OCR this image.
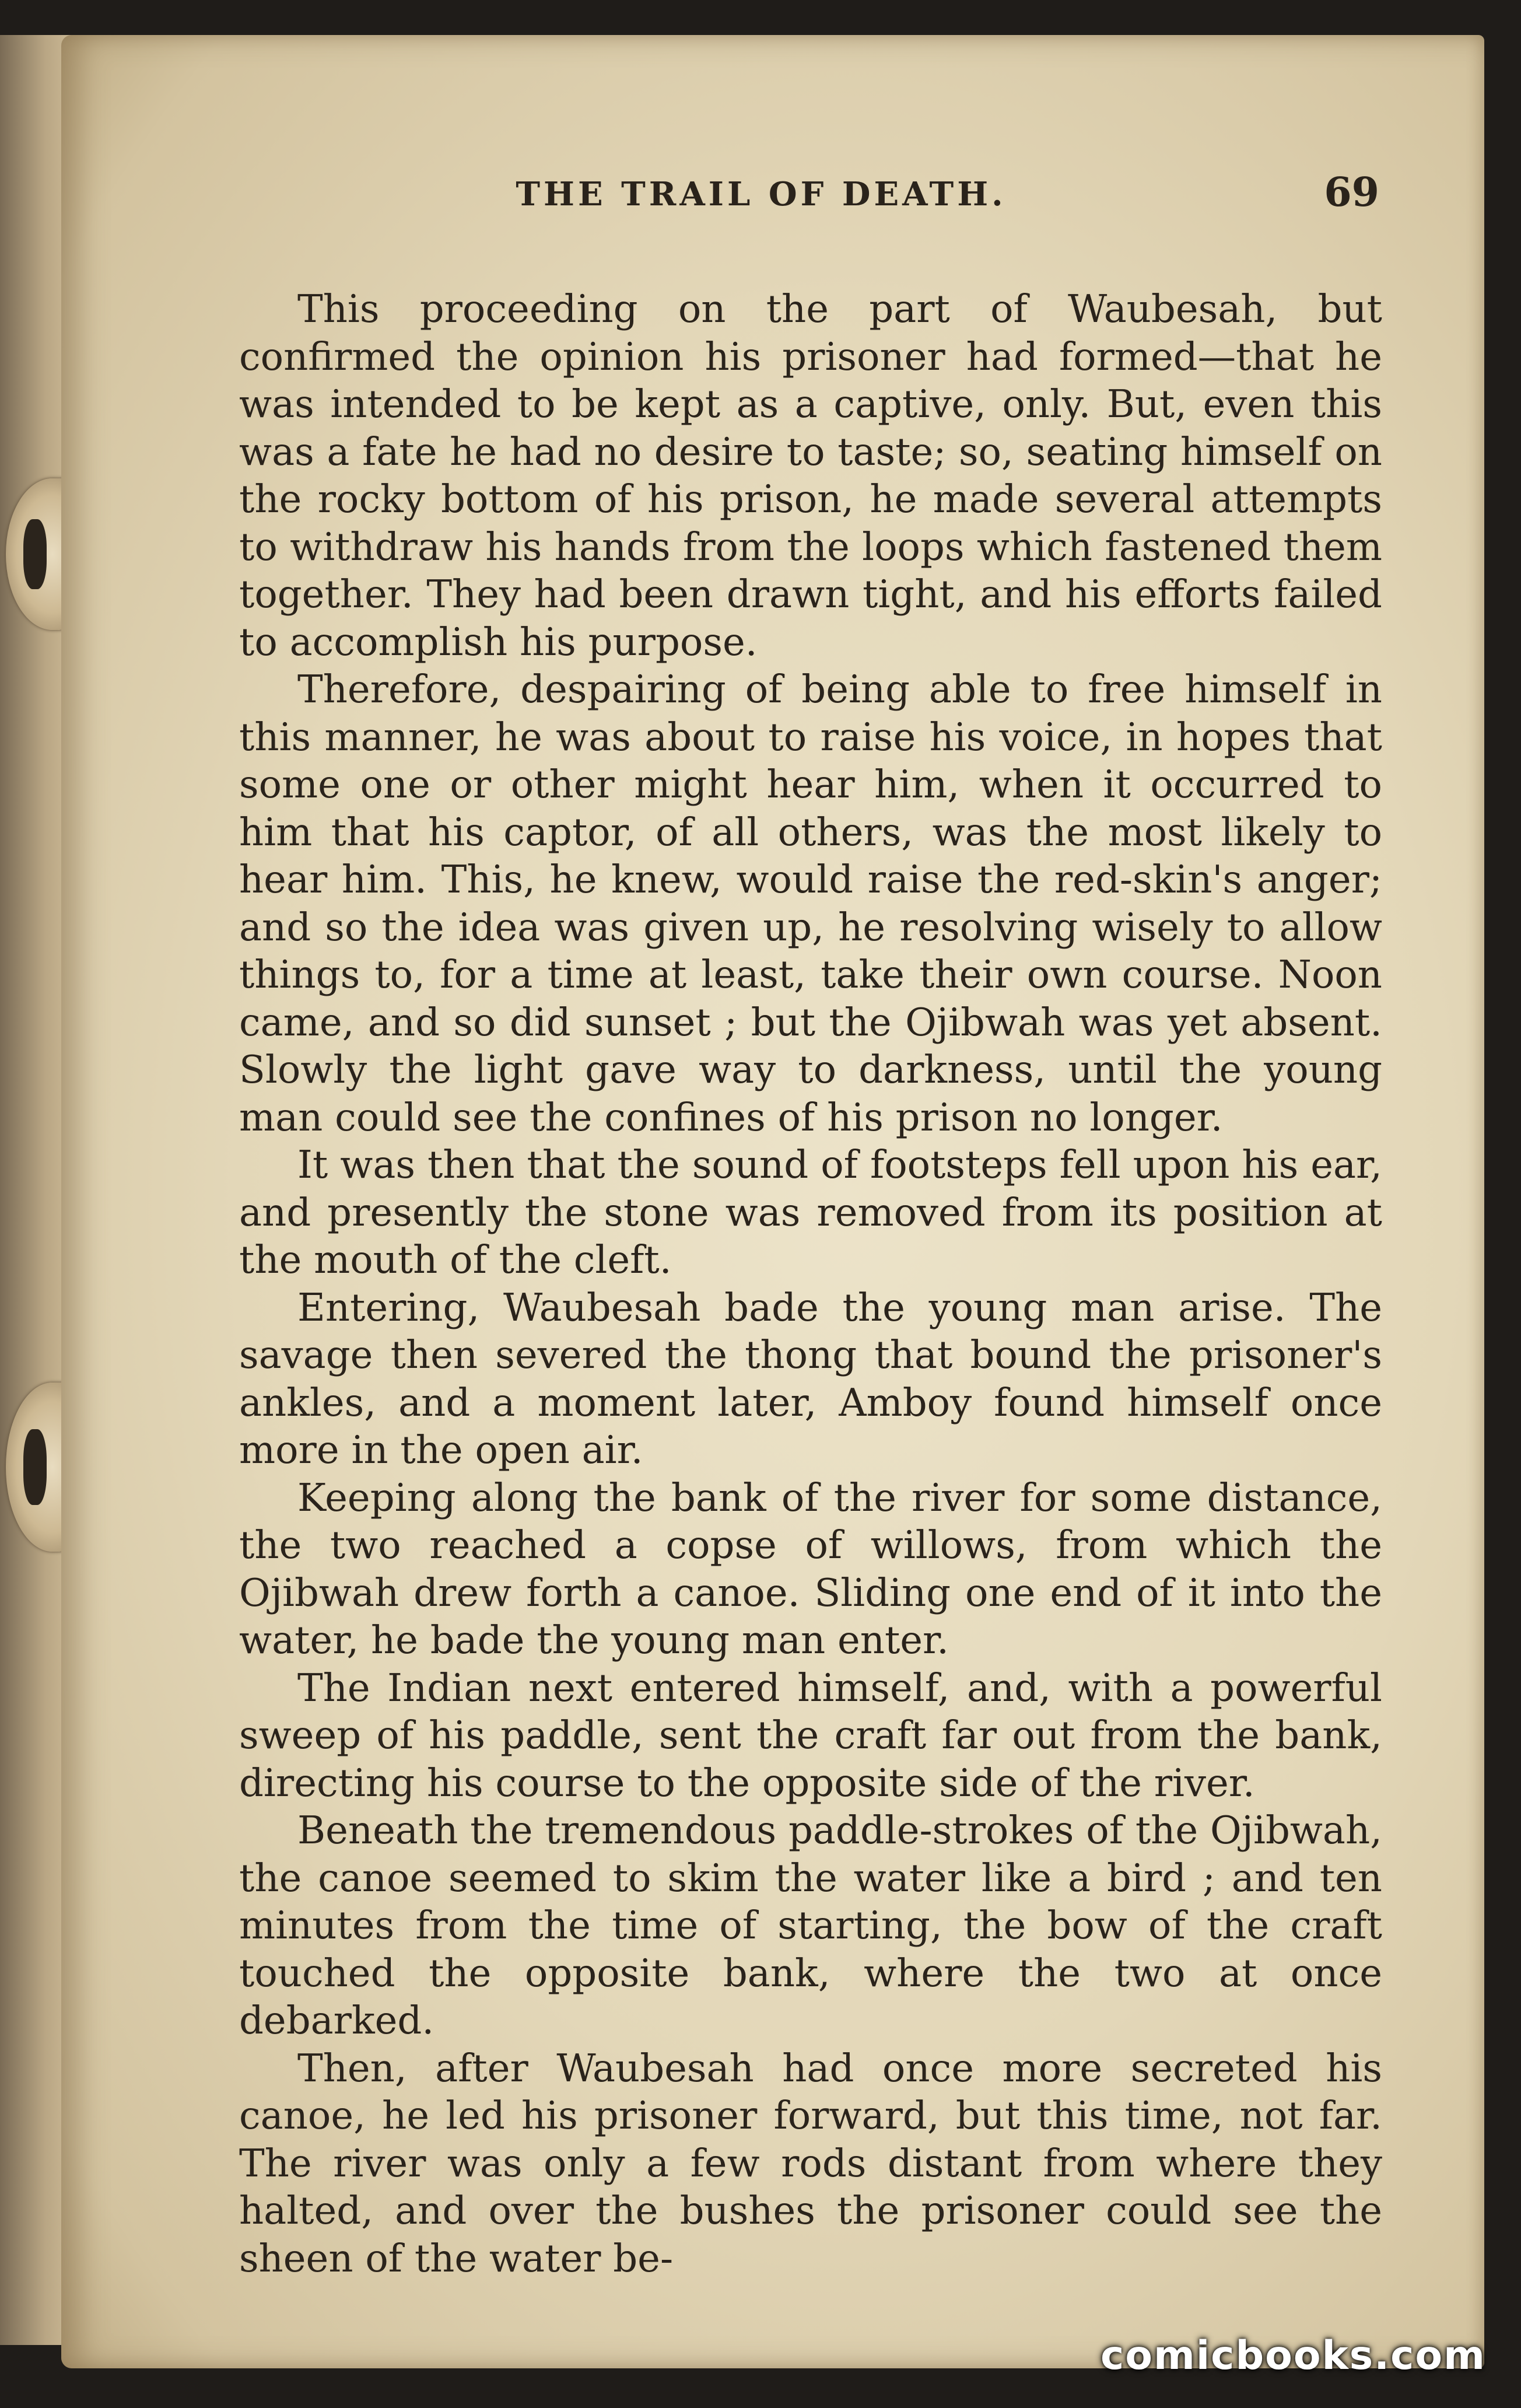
THE TRAIL OF DEATH.	69

This proceeding on the part of Waubesah, but confirmed the opinion his prisoner had formed—that he was intended to be kept as a captive, only. But, even this was a fate he had no desire to taste; so, seating himself on the rocky bottom of his prison, he made several attempts to withdraw his hands from the loops which fastened them together. They had been drawn tight, and his efforts failed to accomplish his purpose.

Therefore, despairing of being able to free himself in this manner, he was about to raise his voice, in hopes that some one or other might hear him, when it occurred to him that his captor, of all others, was the most likely to hear him. This, he knew, would raise the red-skin's anger; and so the idea was given up, he resolving wisely to allow things to, for a time at least, take their own course. Noon came, and so did sunset ; but the Ojibwah was yet absent. Slowly the light gave way to darkness, until the young man could see the confines of his prison no longer.

It was then that the sound of footsteps fell upon his ear, and presently the stone was removed from its position at the mouth of the cleft.

Entering, Waubesah bade the young man arise. The savage then severed the thong that bound the prisoner's ankles, and a moment later, Amboy found himself once more in the open air.

Keeping along the bank of the river for some distance, the two reached a copse of willows, from which the Ojibwah drew forth a canoe. Sliding one end of it into the water, he bade the young man enter.

The Indian next entered himself, and, with a powerful sweep of his paddle, sent the craft far out from the bank, directing his course to the opposite side of the river.

Beneath the tremendous paddle-strokes of the Ojibwah, the canoe seemed to skim the water like a bird ; and ten minutes from the time of starting, the bow of the craft touched the opposite bank, where the two at once debarked.

Then, after Waubesah had once more secreted his canoe, he led his prisoner forward, but this time, not far. The river was only a few rods distant from where they halted, and over the bushes the prisoner could see the sheen of the water be-

comicbooks.com
